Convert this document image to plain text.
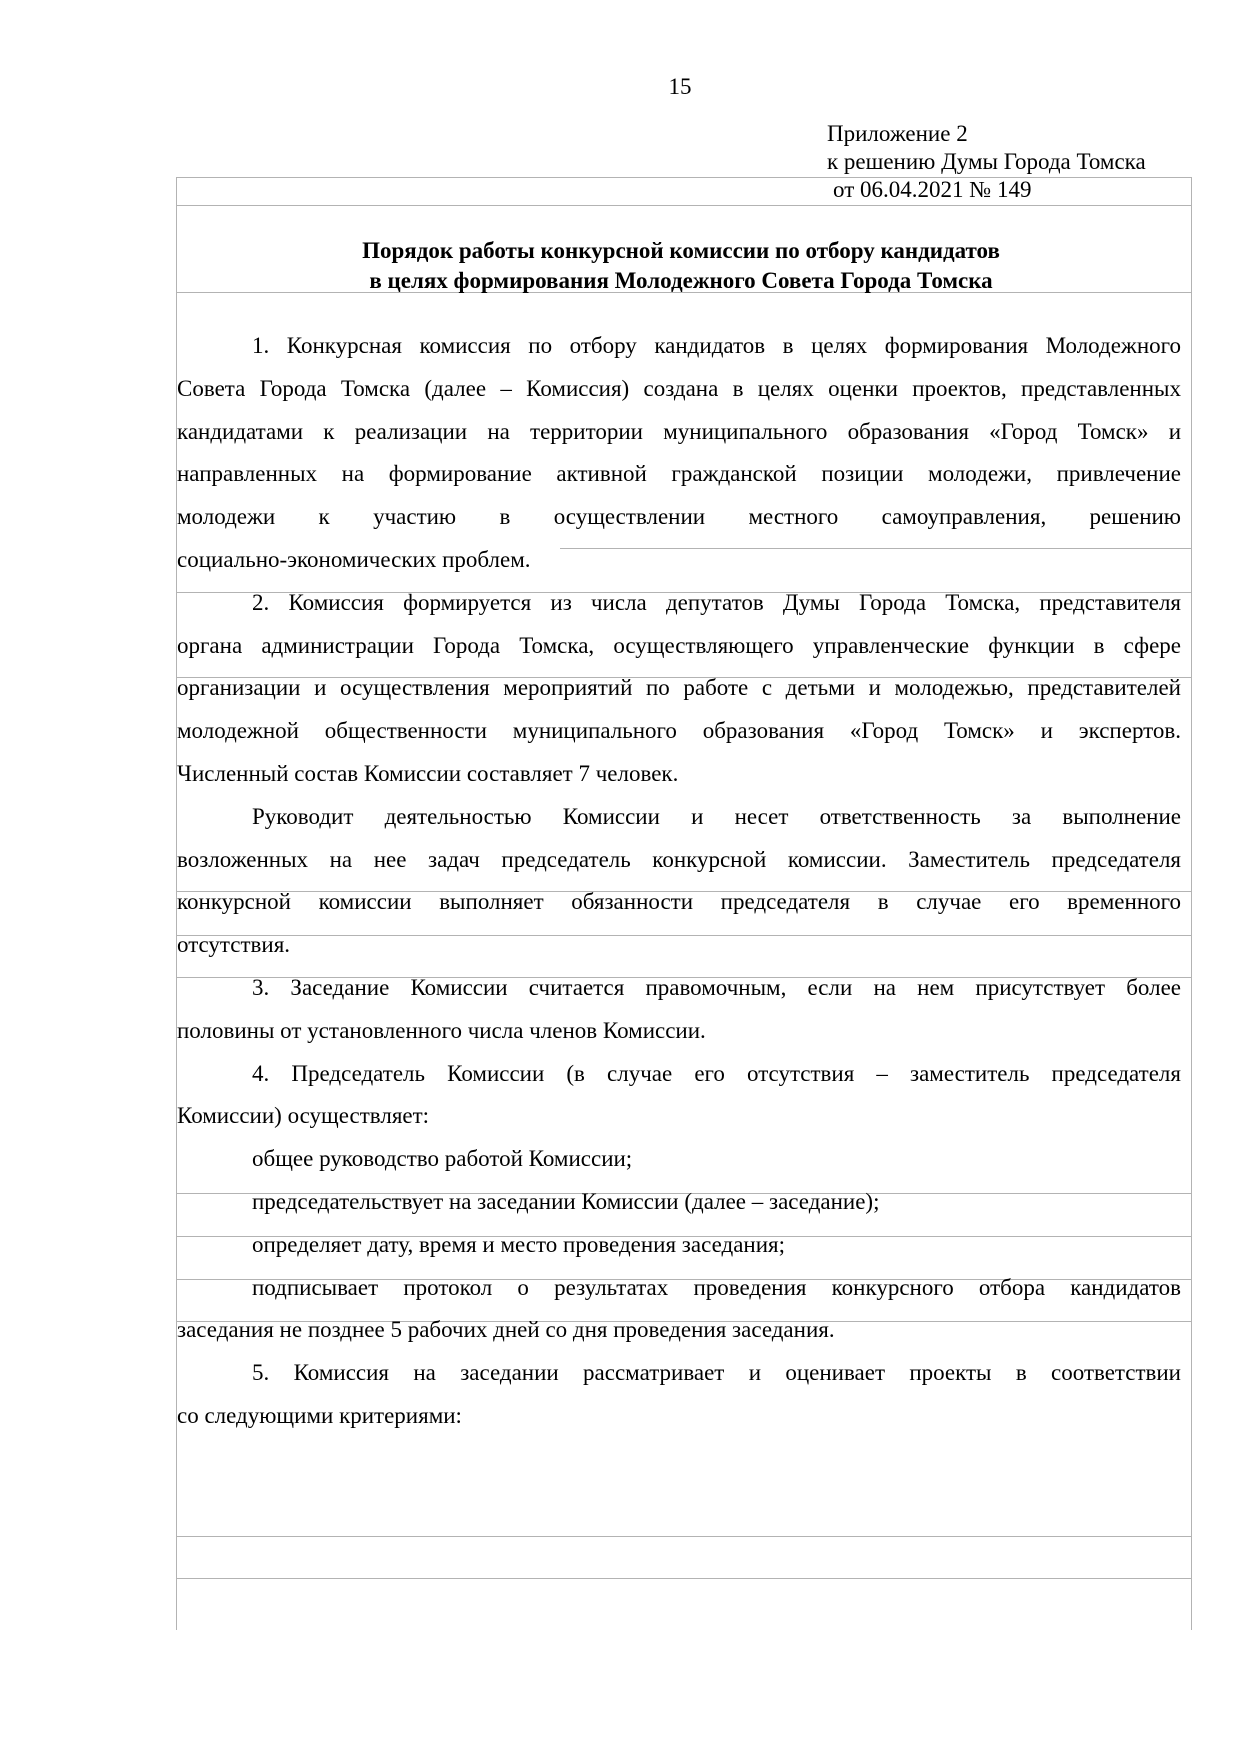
15
Приложение 2
к решению Думы Города Томска
от 06.04.2021 № 149
Порядок работы конкурсной комиссии по отбору кандидатов
в целях формирования Молодежного Совета Города Томска
1. Конкурсная комиссия по отбору кандидатов в целях формирования Молодежного
Совета Города Томска (далее – Комиссия) создана в целях оценки проектов, представленных
кандидатами к реализации на территории муниципального образования «Город Томск» и
направленных на формирование активной гражданской позиции молодежи, привлечение
молодежи к участию в осуществлении местного самоуправления, решению
социально-экономических проблем.
2. Комиссия формируется из числа депутатов Думы Города Томска, представителя
органа администрации Города Томска, осуществляющего управленческие функции в сфере
организации и осуществления мероприятий по работе с детьми и молодежью, представителей
молодежной общественности муниципального образования «Город Томск» и экспертов.
Численный состав Комиссии составляет 7 человек.
Руководит деятельностью Комиссии и несет ответственность за выполнение
возложенных на нее задач председатель конкурсной комиссии. Заместитель председателя
конкурсной комиссии выполняет обязанности председателя в случае его временного
отсутствия.
3. Заседание Комиссии считается правомочным, если на нем присутствует более
половины от установленного числа членов Комиссии.
4. Председатель Комиссии (в случае его отсутствия – заместитель председателя
Комиссии) осуществляет:
общее руководство работой Комиссии;
председательствует на заседании Комиссии (далее – заседание);
определяет дату, время и место проведения заседания;
подписывает протокол о результатах проведения конкурсного отбора кандидатов
заседания не позднее 5 рабочих дней со дня проведения заседания.
5. Комиссия на заседании рассматривает и оценивает проекты в соответствии
со следующими критериями:
